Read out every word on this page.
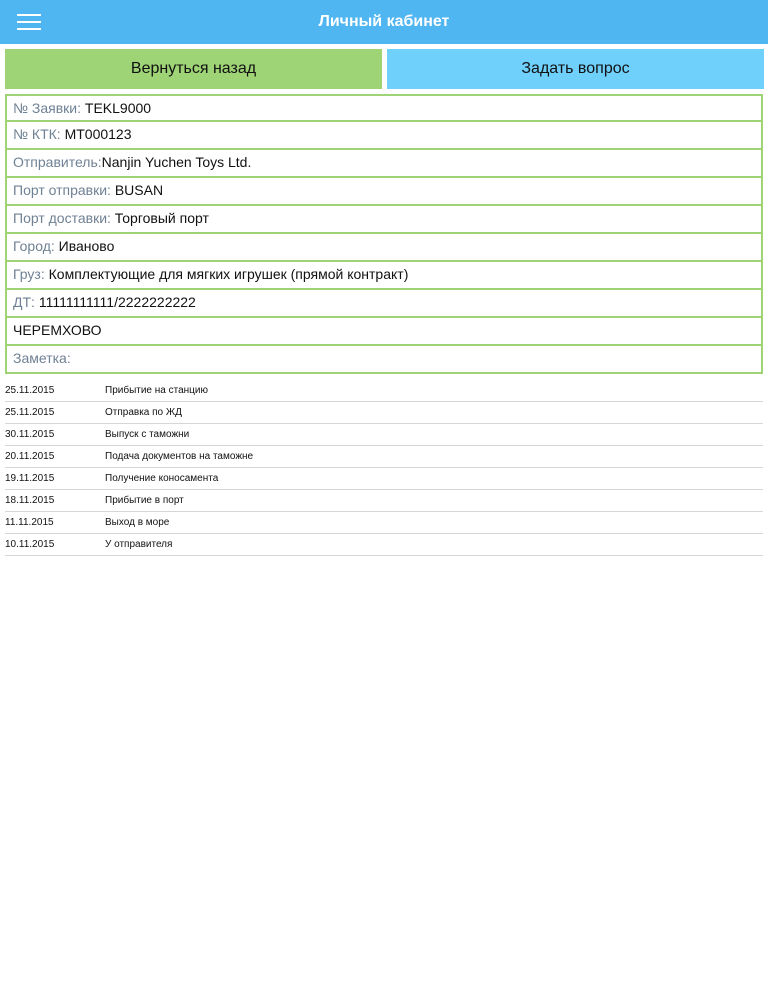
Личный кабинет
Вернуться назад	Задать вопрос
№ Заявки: TEKL9000
№ КТК: MT000123
Отправитель:Nanjin Yuchen Toys Ltd.
Порт отправки: BUSAN
Порт доставки: Торговый порт
Город: Иваново
Груз: Комплектующие для мягких игрушек (прямой контракт)
ДТ: 11111111111/2222222222
ЧЕРЕМХОВО
Заметка:
25.11.2015	Прибытие на станцию
25.11.2015	Отправка по ЖД
30.11.2015	Выпуск с таможни
20.11.2015	Подача документов на таможне
19.11.2015	Получение коносамента
18.11.2015	Прибытие в порт
11.11.2015	Выход в море
10.11.2015	У отправителя
